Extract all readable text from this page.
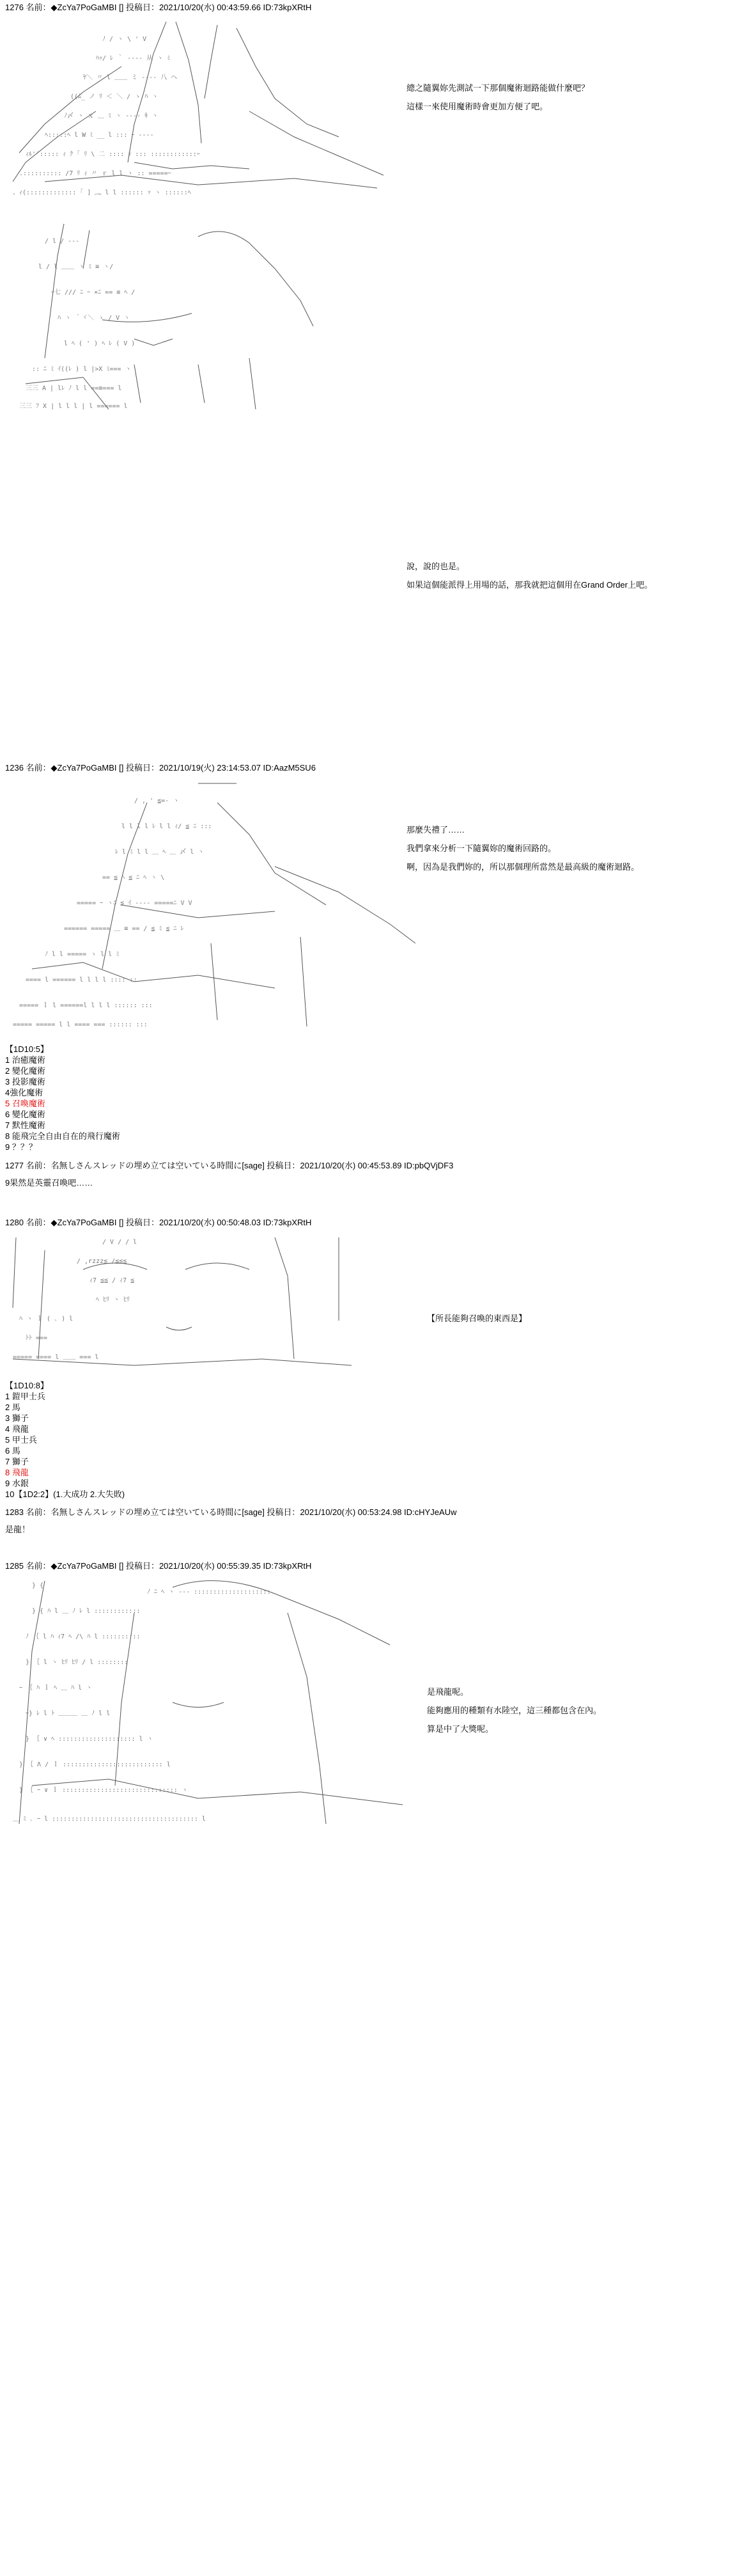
1276 名前：◆ZcYa7PoGaMBI [] 投稿日：2021/10/20(水) 00:43:59.66 ID:73kpXRtH

ﾉ / ヽ \ ' V
ﾊｯ/ ﾚ ｀ ---- 从 ヽ ﾐ
ﾔ＼ 〃 l ＿＿ ミ ---- 八 ヘ
((ﾑ_ ノ ﾘ ＜ ＼ / ゝ ﾊ ヽ
ﾉ〆 ヽ ｘ ＿ ﾐ ヽ ---- ｷ ヽ
ﾍ:::::ﾍ l W ﾐ __ l ::: ｰ ----
ｨﾙ''::::: ｨ ｸ ｢ ﾘ \ 二 :::: ｼ ::: ::::::::::::ｰ
.:::::::::: /7 ﾘ ｨ 〃 ｒ l l ヽ :: =====ｰ
、ｨ(::::::::::::: ｢ ] ︷ l l :::::: ｯ ヽ ::::::ﾍ

總之隨翼妳先測試一下那個魔術迴路能做什麼吧？
這樣一來使用魔術時會更加方便了吧。

/ l / ---
l / l ＿＿ ヽ ﾐ ≡ ヽ/
ｰ七 /// ﾆ ｰ ×ﾆ == ≡ ﾍ /
ﾊ ヽ ｀ヾ＼ ゝ / V ヽ
l ﾍ ( ' ) ﾍ ﾚ ( V )
:: ﾆ ﾐ ｲ((ﾚ ) l |>X ﾐ=== ヽ
三三 A | lﾚ ﾉ l l ==≡=== l
三三 ﾌ X | l l l | l ====== l

說，說的也是。
如果這個能派得上用場的話，那我就把這個用在Grand Order上吧。
1236 名前：◆ZcYa7PoGaMBI [] 投稿日：2021/10/19(火) 23:14:53.07 ID:AazM5SU6

/ , ' ≦=- ヽ
l l l l ﾚ l l ｨ/ ≦ ﾆ :::
ﾚ l ﾐ l l ＿ ﾍ ＿ 〆 l ヽ
== ≦ ﾍ ≦ ﾆ ﾍ ヽ \
===== ｰ ヽﾆ ≦ ｲ ---- =====ﾆ V V
====== ===== ＿ ≡ == / ≦ ﾐ ≦ ﾆ ﾚ
ﾉ l l ===== ゝ l l ﾐ
==== l ====== l l l l :::: ::
===== ｌ l ======l l l l :::::: :::
===== ===== l l ==== === :::::: :::

那麼失禮了……
我們拿來分析一下隨翼妳的魔術回路的。
啊，因為是我們妳的，所以那個理所當然是最高級的魔術迴路。
【1D10:5】
1 治癒魔術
2 變化魔術
3 投影魔術
4強化魔術
5 召喚魔術
6 變化魔術
7 默性魔術
8 能飛完全自由自在的飛行魔術
9 ？？？
1277 名前：名無しさんスレッドの埋め立ては空いている時間に[sage] 投稿日：2021/10/20(水) 00:45:53.89 ID:pbQVjDF3
9果然是英靈召喚吧……
1280 名前：◆ZcYa7PoGaMBI [] 投稿日：2021/10/20(水) 00:50:48.03 ID:73kpXRtH

/ V / / l
/ ,rzzz≦ /≦≦≦
ｨ7 ≦≦ / ｨ7 ≦
ﾍ ﾋﾘ ヽ ﾋﾘ
ﾊ ヽ ｌ ( ､ ) l
ﾄﾄ ===
===== ==== l ＿＿ === l

【所長能夠召喚的東西是】
【1D10:8】
1 鎧甲士兵
2 馬
3 獅子
4 飛龍
5 甲士兵
6 馬
7 獅子
8 飛龍
9 水銀
10【1D2:2】(1.大成功 2.大失敗)
1283 名前：名無しさんスレッドの埋め立ては空いている時間に[sage] 投稿日：2021/10/20(水) 00:53:24.98 ID:cHYJeAUw
是龍！
1285 名前：◆ZcYa7PoGaMBI [] 投稿日：2021/10/20(水) 00:55:39.35 ID:73kpXRtH

} {
ﾉ ﾆ ﾍ ヽ --- ::::::::::::::::::::
} { ﾊ l ＿ ﾉ ﾚ l ::::::::::::
ﾉ ｛ l ﾊ ｨ7 ﾍ /\ ﾊ l ::::::::::
} ｛ l ヽ ﾋﾘ ﾋﾘ / l ::::::::
ｰ ｛ ﾊ ｌ ﾍ ＿ ﾊ l ヽ
ｰ} ﾚ l ﾄ ＿＿＿ ＿ ﾉ l l
} ｛ ∨ ﾍ :::::::::::::::::::: l ヽ
} ｛ Λ / ｌ :::::::::::::::::::::::::: l
} ｛ ｰ ∨ ｌ :::::::::::::::::::::::::::::: ヽ
＿ ﾐ ､ ｰ l :::::::::::::::::::::::::::::::::::::: l

是飛龍呢。
能夠應用的種類有水陸空，這三種都包含在內。
算是中了大獎呢。
